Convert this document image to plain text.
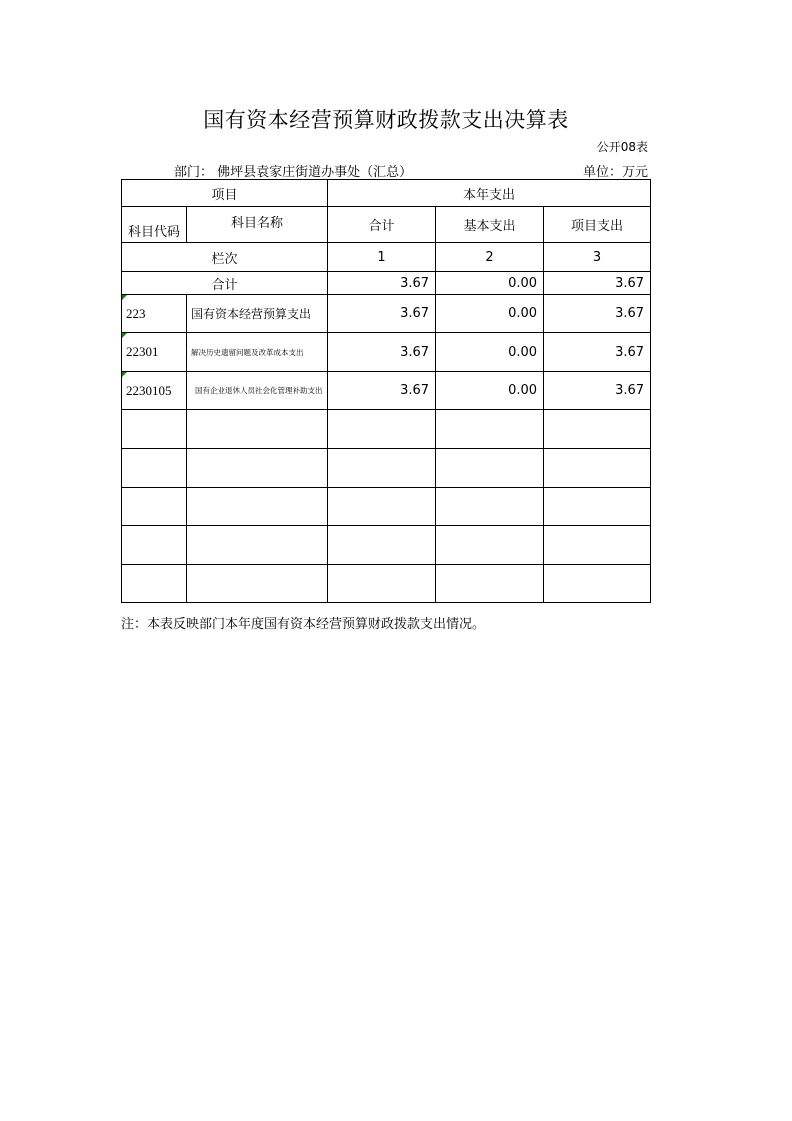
国有资本经营预算财政拨款支出决算表
公开08表
部门： 佛坪县袁家庄街道办事处（汇总）	单位：万元
项目		本年支出		
科目代码	科目名称	合计	基本支出	项目支出
栏次		1	2	3
合计		3.67	0.00	3.67
223	国有资本经营预算支出	3.67	0.00	3.67
22301	解决历史遗留问题及改革成本支出	3.67	0.00	3.67
2230105	国有企业退休人员社会化管理补助支出	3.67	0.00	3.67

注：本表反映部门本年度国有资本经营预算财政拨款支出情况。
